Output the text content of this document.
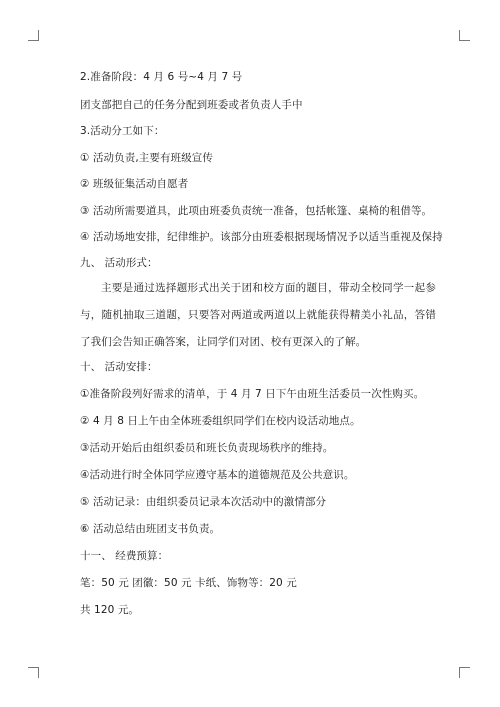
2.准备阶段：4 月 6 号~4 月 7 号
团支部把自己的任务分配到班委或者负责人手中
3.活动分工如下：
① 活动负责,主要有班级宣传
② 班级征集活动自愿者
③ 活动所需要道具，此项由班委负责统一准备，包括帐篷、桌椅的租借等。
④ 活动场地安排，纪律维护。该部分由班委根据现场情况予以适当重视及保持
九、 活动形式：
主要是通过选择题形式出关于团和校方面的题目，带动全校同学一起参与，随机抽取三道题，只要答对两道或两道以上就能获得精美小礼品，答错了我们会告知正确答案，让同学们对团、校有更深入的了解。
十、 活动安排：
①准备阶段列好需求的清单，于 4 月 7 日下午由班生活委员一次性购买。
② 4 月 8 日上午由全体班委组织同学们在校内设活动地点。
③活动开始后由组织委员和班长负责现场秩序的维持。
④活动进行时全体同学应遵守基本的道德规范及公共意识。
⑤ 活动记录：由组织委员记录本次活动中的激情部分
⑥ 活动总结由班团支书负责。
十一、 经费预算：
笔：50 元 团徽：50 元 卡纸、饰物等：20 元
共 120 元。
